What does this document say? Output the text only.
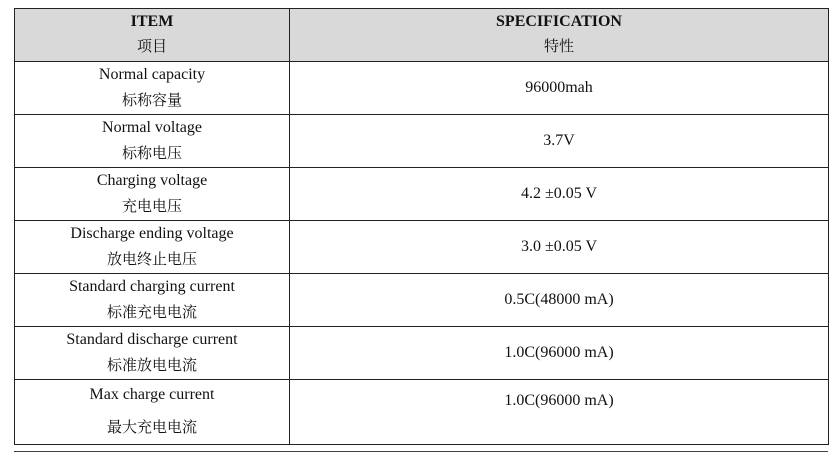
ITEM
项目	SPECIFICATION
特性

Normal capacity
标称容量	96000mah

Normal voltage
标称电压	3.7V

Charging voltage
充电电压	4.2 ±0.05 V

Discharge ending voltage
放电终止电压	3.0 ±0.05 V

Standard charging current
标准充电电流	0.5C(48000 mA)

Standard discharge current
标准放电电流	1.0C(96000 mA)

Max charge current
最大充电电流	1.0C(96000 mA)
